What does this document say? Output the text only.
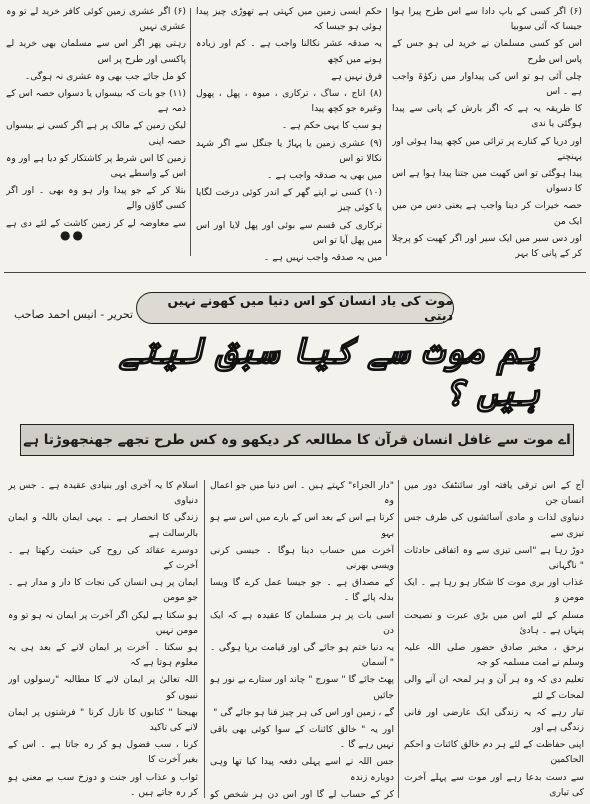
(۶) اگر کسی کے باپ دادا سے اس طرح پیرا ہوا جیسا کہ آئی سوبیا

اس کو کسی مسلمان نے خرید لی ہو جس کے پاس اس طرح

چلی آئی ہو تو اس کی پیداوار میں زکوٰۃ واجب ہے ۔ اس

کا طریقہ یہ ہے کہ اگر بارش کے پانی سے پیدا ہوگئی یا ندی

اور دریا کے کنارے پر ترائی میں کچھ پیدا ہوئی اور پہنچنے

پیدا ہوگئی تو اس کھیت میں جتنا پیدا ہوا ہے اس کا دسواں

حصہ خیرات کر دینا واجب ہے یعنی دس من میں ایک من

اور دس سیر میں ایک سیر اور اگر کھیت کو پرچلا کر کے پانی کا بہر

حکم ایسی زمین میں کہتی ہے تھوڑی چیز پیدا ہوئی ہو جیسا کہ

یہ صدقہ عشر نکالنا واجب ہے ۔ کم اور زیادہ ہونے میں کچھ

فرق نہیں ہے

(۸) اناج ، ساگ ، ترکاری ، میوہ ، پھل ، پھول وغیرہ جو کچھ پیدا

ہو سب کا یہی حکم ہے ۔

(۹) عشری زمین یا پہاڑ یا جنگل سے اگر شہد نکالا تو اس

میں بھی یہ صدقہ واجب ہے ۔

(۱۰) کسی نے اپنے گھر کے اندر کوئی درخت لگایا یا کوئی چیز

ترکاری کی قسم سے بوئی اور پھل لایا اور اس میں پھل آیا تو اس

میں یہ صدقہ واجب نہیں ہے ۔

(۶) اگر عشری زمین کوئی کافر خرید لے تو وہ عشری نہیں

رہتی پھر اگر اس سے مسلمان بھی خرید لے پاکسی اور طرح پر اس

کو مل جائے جب بھی وہ عشری نہ ہوگی۔

(۱۱) جو بات کہ بیسواں یا دسواں حصہ اس کے ذمہ ہے

لیکن زمین کے مالک پر ہے اگر کسی نے بیسواں حصہ اپنی

زمین کا اس شرط پر کاشتکار کو دیا ہے اور وہ اس کے واسطے یہی

بتلا کر کے جو پیدا وار ہو وہ بھی ۔ اور اگر کسی گاؤں والے

سے معاوضہ لے کر زمین کاشت کے لئے دی ہے

●●
تحریر - انیس احمد صاحب
موت کی یاد انسان کو اس دنیا میں کھونے نہیں دیتی
ہم موت سے کیا سبق لیتے ہیں ؟
اے موت سے غافل انسان قرآن کا مطالعہ کر دیکھو وہ کس طرح تجھے جھنجھوڑتا ہے

آج کے اس ترقی یافتہ اور سائنٹفک دور میں انسان جن

دنیاوی لذات و مادی آسائشوں کی طرف جس تیزی سے

دوڑ رہا ہے "اسی تیزی سے وہ اتفاقی حادثات " ناگہانی

عذاب اور بری موت کا شکار ہو رہا ہے ۔ ایک مومن و

مسلم کے لئے اس میں بڑی عبرت و نصیحت پنہاں ہے ۔ ہادیٔ

برحق ، مخبر صادق حضور صلی اللہ علیہ وسلم نے امت مسلمہ کو جہ

تعلیم دی کہ وہ ہر آن و ہر لمحہ ان آنے والی لمحات کے لئے

تیار رہے کہ یہ زندگی ایک عارضی اور فانی زندگی ہے اور

اپنی حفاظت کے لئے ہر دم خالق کائنات و احکم الحاکمین

سے دست بدعا رہے اور موت سے پہلے آخرت کی تیاری

"دار الجزاء" کہتے ہیں ۔ اس دنیا میں جو اعمال وہ

کرتا ہے اس کے بعد اس کے بارے میں اس سے ہو بہو

آخرت میں حساب دینا ہوگا ۔ جیسی کرنی ویسی بھرنی

کے مصداق ہے ۔ جو جیسا عمل کرے گا ویسا بدلہ پائے گا ۔

اسی بات پر ہر مسلمان کا عقیدہ ہے کہ ایک دن

یہ دنیا ختم ہو جائے گی اور قیامت برپا ہوگی ۔ " آسمان

پھٹ جائے گا " سورج " چاند اور ستارے بے نور ہو جائیں

گے ، زمین اور اس کی ہر چیز فنا ہو جائے گی "

اور یہ " خالق کائنات کے سوا کوئی بھی باقی نہیں رہے گا ۔

جس اللہ نے اسے پہلی دفعہ پیدا کیا تھا وہی دوبارہ زندہ

کر کے حساب لے گا اور اس دن ہر شخص کو

اسلام کا یہ آخری اور بنیادی عقیدہ ہے ۔ جس پر دنیاوی

زندگی کا انحصار ہے ۔ یہی ایمان باللہ و ایمان بالرسالت ہے

دوسرے عقائد کی روح کی حیثیت رکھتا ہے ۔ آخرت کے

ایمان پر ہی انسان کی نجات کا دار و مدار ہے ۔ جو مومن

ہو سکتا ہے لیکن اگر آخرت پر ایمان نہ ہو تو وہ مومن نہیں

ہو سکتا ۔ آخرت پر ایمان لانے کے بعد ہی یہ معلوم ہوتا ہے کہ

اللہ تعالیٰ پر ایمان لانے کا مطالبہ "رسولوں اور نبیوں کو

بھیجنا " کتابوں کا نازل کرنا " فرشتوں پر ایمان لانے کی تاکید

کرنا ، سب فضول ہو کر رہ جاتا ہے ۔ اس کے بغیر آخرت کا

ثواب و عذاب اور جنت و دوزخ سب بے معنی ہو کر رہ جاتے ہیں ۔
